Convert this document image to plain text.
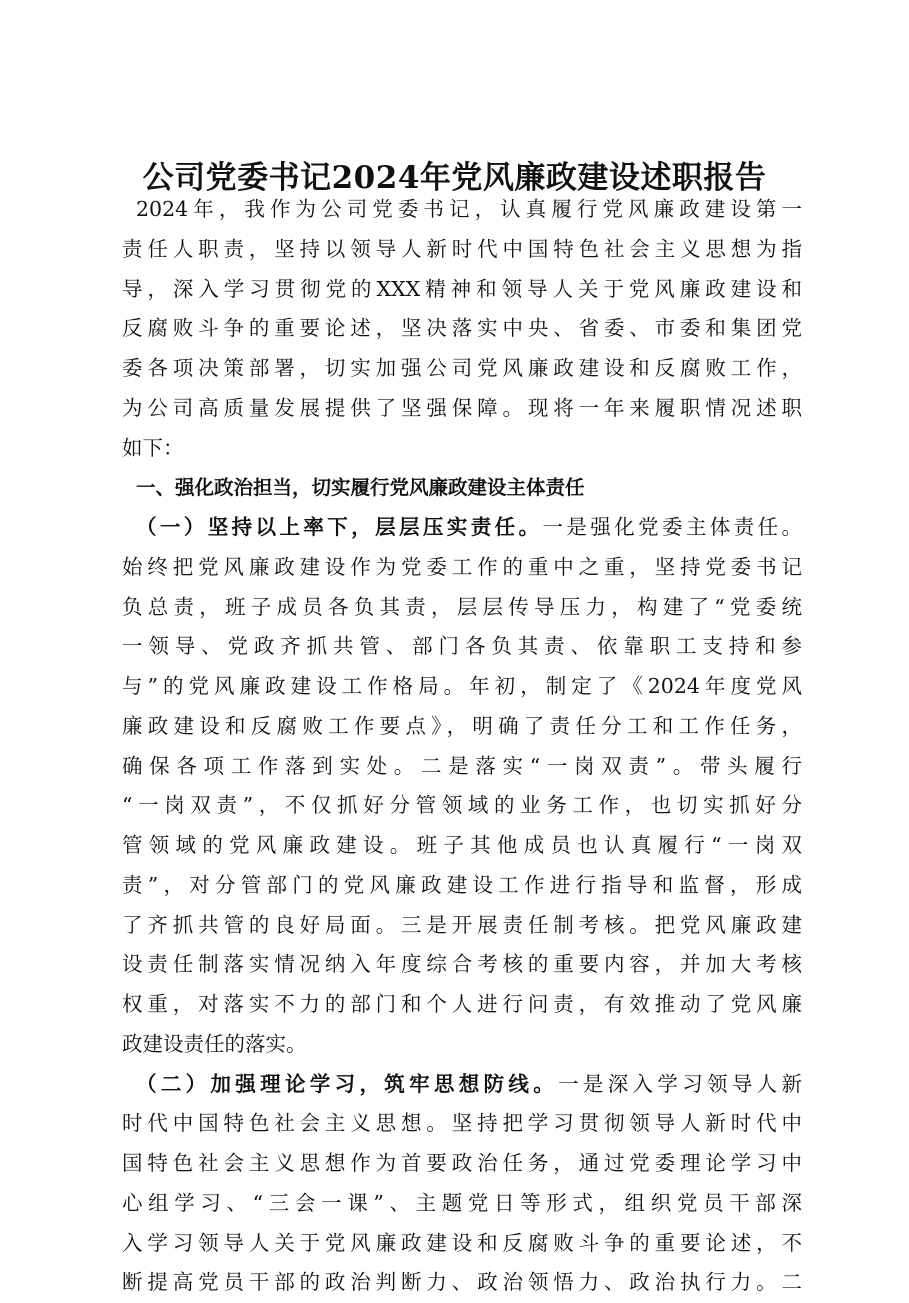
公司党委书记2024年党风廉政建设述职报告
2024年，我作为公司党委书记，认真履行党风廉政建设第一
责任人职责，坚持以领导人新时代中国特色社会主义思想为指
导，深入学习贯彻党的XXX精神和领导人关于党风廉政建设和
反腐败斗争的重要论述，坚决落实中央、省委、市委和集团党
委各项决策部署，切实加强公司党风廉政建设和反腐败工作，
为公司高质量发展提供了坚强保障。现将一年来履职情况述职
如下：
一、强化政治担当，切实履行党风廉政建设主体责任
（一）坚持以上率下，层层压实责任。一是强化党委主体责任。
始终把党风廉政建设作为党委工作的重中之重，坚持党委书记
负总责，班子成员各负其责，层层传导压力，构建了“党委统
一领导、党政齐抓共管、部门各负其责、依靠职工支持和参
与”的党风廉政建设工作格局。年初，制定了《2024年度党风
廉政建设和反腐败工作要点》，明确了责任分工和工作任务，
确保各项工作落到实处。二是落实“一岗双责”。带头履行
“一岗双责”，不仅抓好分管领域的业务工作，也切实抓好分
管领域的党风廉政建设。班子其他成员也认真履行“一岗双
责”，对分管部门的党风廉政建设工作进行指导和监督，形成
了齐抓共管的良好局面。三是开展责任制考核。把党风廉政建
设责任制落实情况纳入年度综合考核的重要内容，并加大考核
权重，对落实不力的部门和个人进行问责，有效推动了党风廉
政建设责任的落实。
（二）加强理论学习，筑牢思想防线。一是深入学习领导人新
时代中国特色社会主义思想。坚持把学习贯彻领导人新时代中
国特色社会主义思想作为首要政治任务，通过党委理论学习中
心组学习、“三会一课”、主题党日等形式，组织党员干部深
入学习领导人关于党风廉政建设和反腐败斗争的重要论述，不
断提高党员干部的政治判断力、政治领悟力、政治执行力。二
